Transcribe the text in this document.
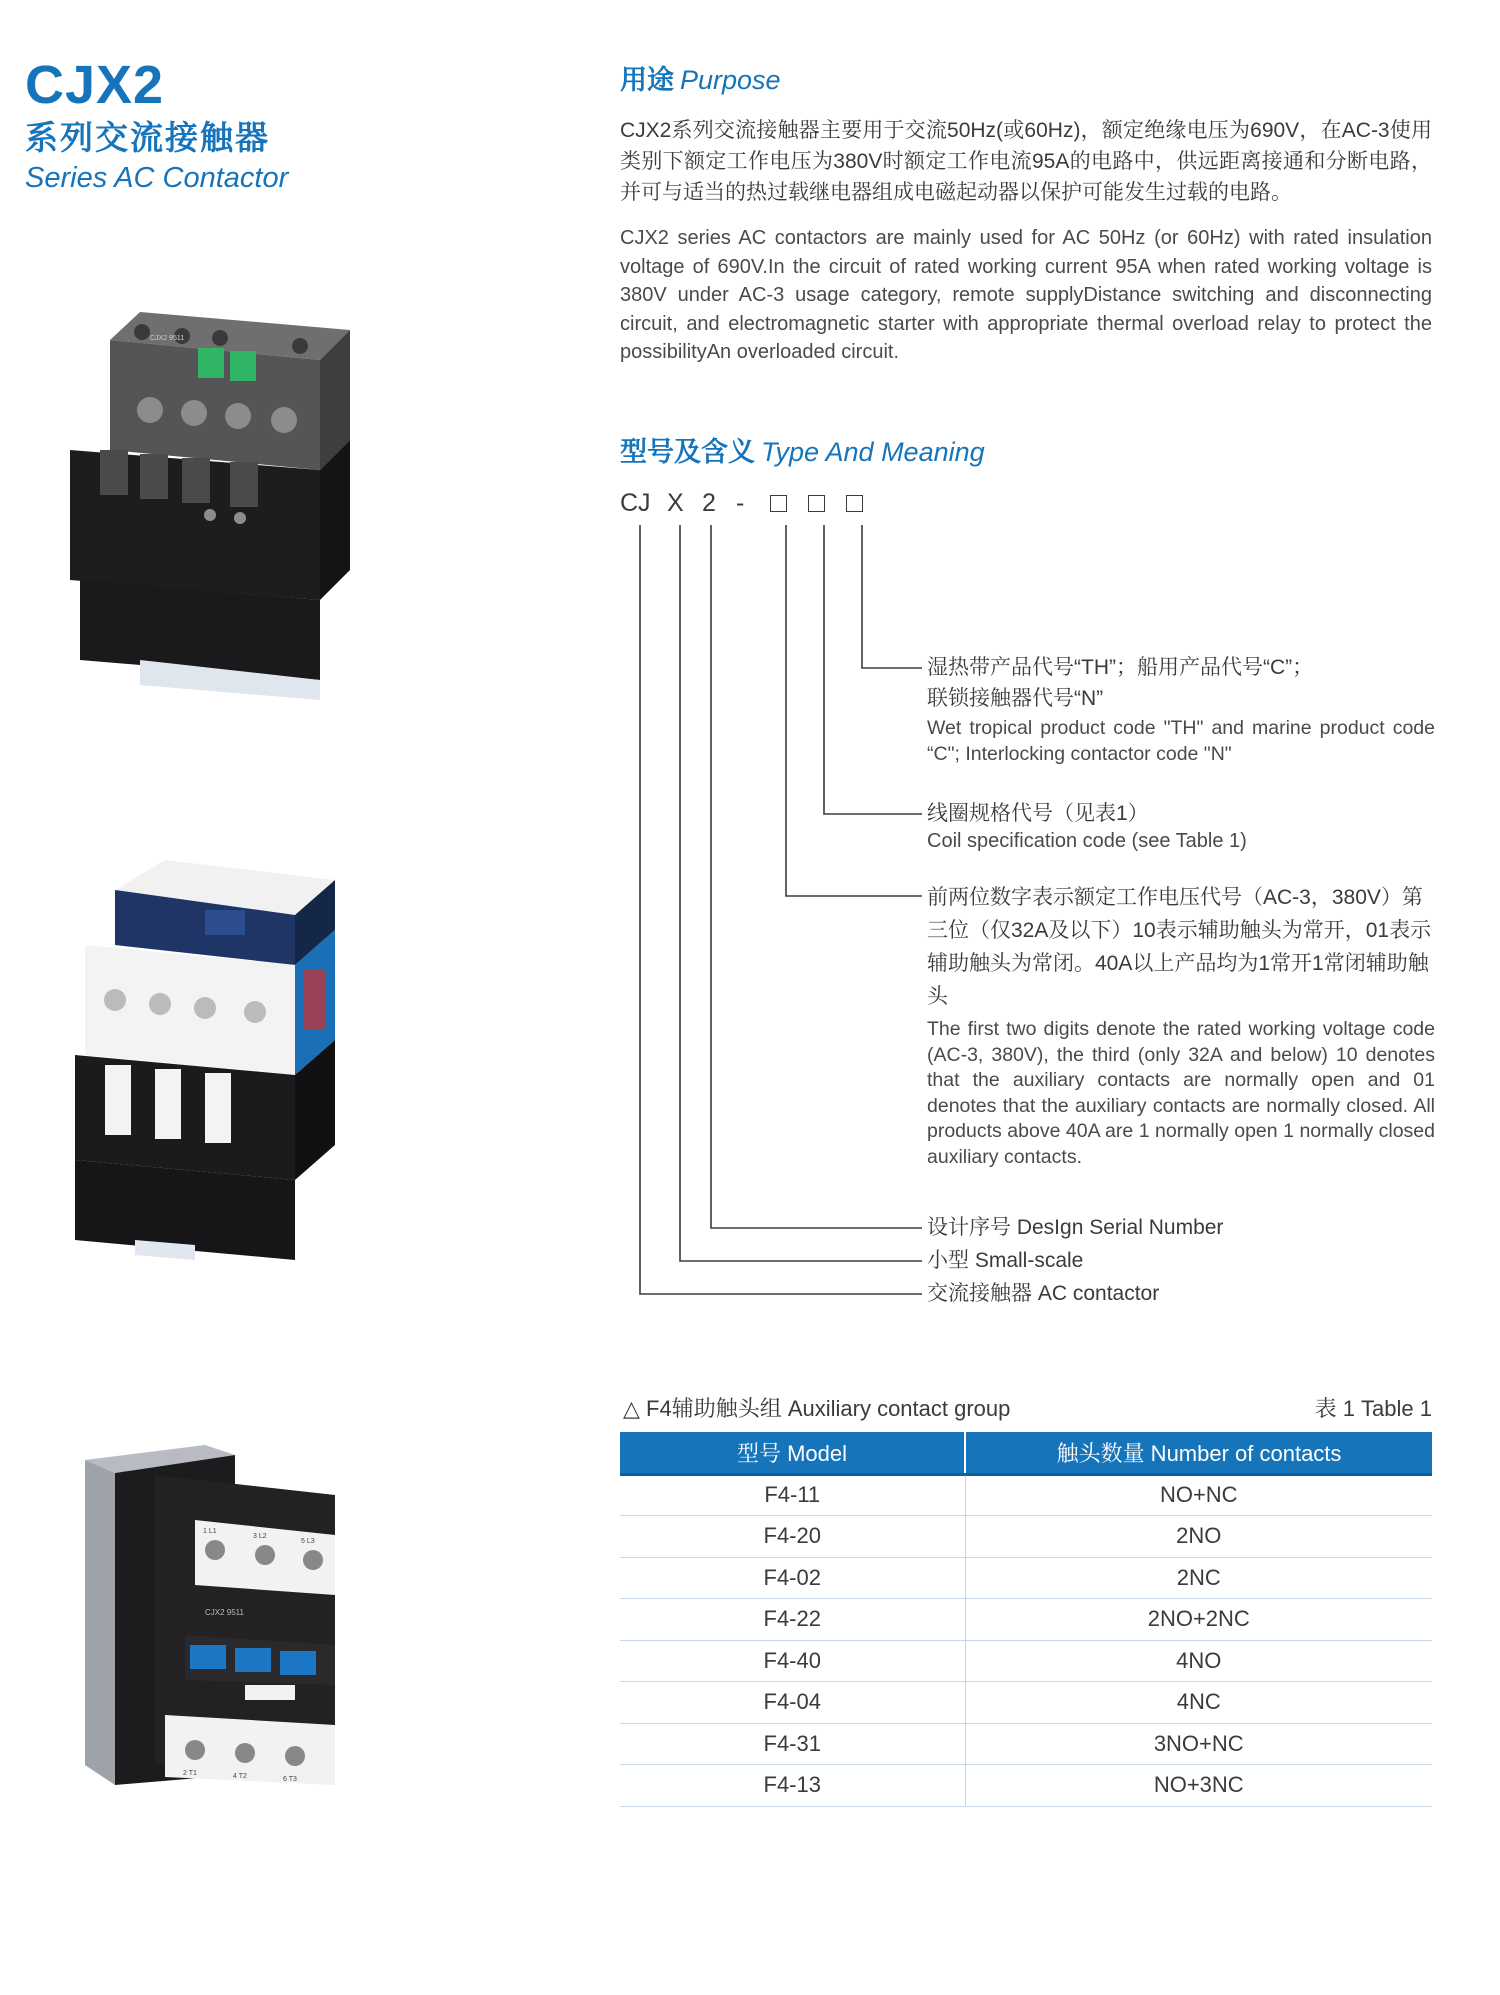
CJX2
系列交流接触器
Series AC Contactor
CJX2 9511
1 L1
3 L2
5 L3
CJX2 9511
2 T1	4 T2	6 T3
用途 Purpose

CJX2系列交流接触器主要用于交流50Hz(或60Hz)，额定绝缘电压为690V，在AC-3使用类别下额定工作电压为380V时额定工作电流95A的电路中，供远距离接通和分断电路，并可与适当的热过载继电器组成电磁起动器以保护可能发生过载的电路。

CJX2 series AC contactors are mainly used for AC 50Hz (or 60Hz) with rated insulation voltage of 690V.In the circuit of rated working current 95A when rated working voltage is 380V under AC-3 usage category, remote supplyDistance switching and disconnecting circuit, and electromagnetic starter with appropriate thermal overload relay to protect the possibilityAn overloaded circuit.

型号及含义 Type And Meaning
CJ X 2 -
湿热带产品代号“TH”；船用产品代号“C”；
联锁接触器代号“N”
Wet tropical product code "TH" and marine product code “C"; Interlocking contactor code "N"
线圈规格代号（见表1）
Coil specification code (see Table 1)
前两位数字表示额定工作电压代号（AC-3，380V）第三位（仅32A及以下）10表示辅助触头为常开，01表示辅助触头为常闭。40A以上产品均为1常开1常闭辅助触头
The first two digits denote the rated working voltage code (AC-3, 380V), the third (only 32A and below) 10 denotes that the auxiliary contacts are normally open and 01 denotes that the auxiliary contacts are normally closed. All products above 40A are 1 normally open 1 normally closed auxiliary contacts.
设计序号 DesIgn Serial Number
小型 Small-scale
交流接触器 AC contactor
△ F4辅助触头组 Auxiliary contact group	表 1 Table 1
型号 Model	触头数量 Number of contacts
F4-11	NO+NC
F4-20	2NO
F4-02	2NC
F4-22	2NO+2NC
F4-40	4NO
F4-04	4NC
F4-31	3NO+NC
F4-13	NO+3NC
